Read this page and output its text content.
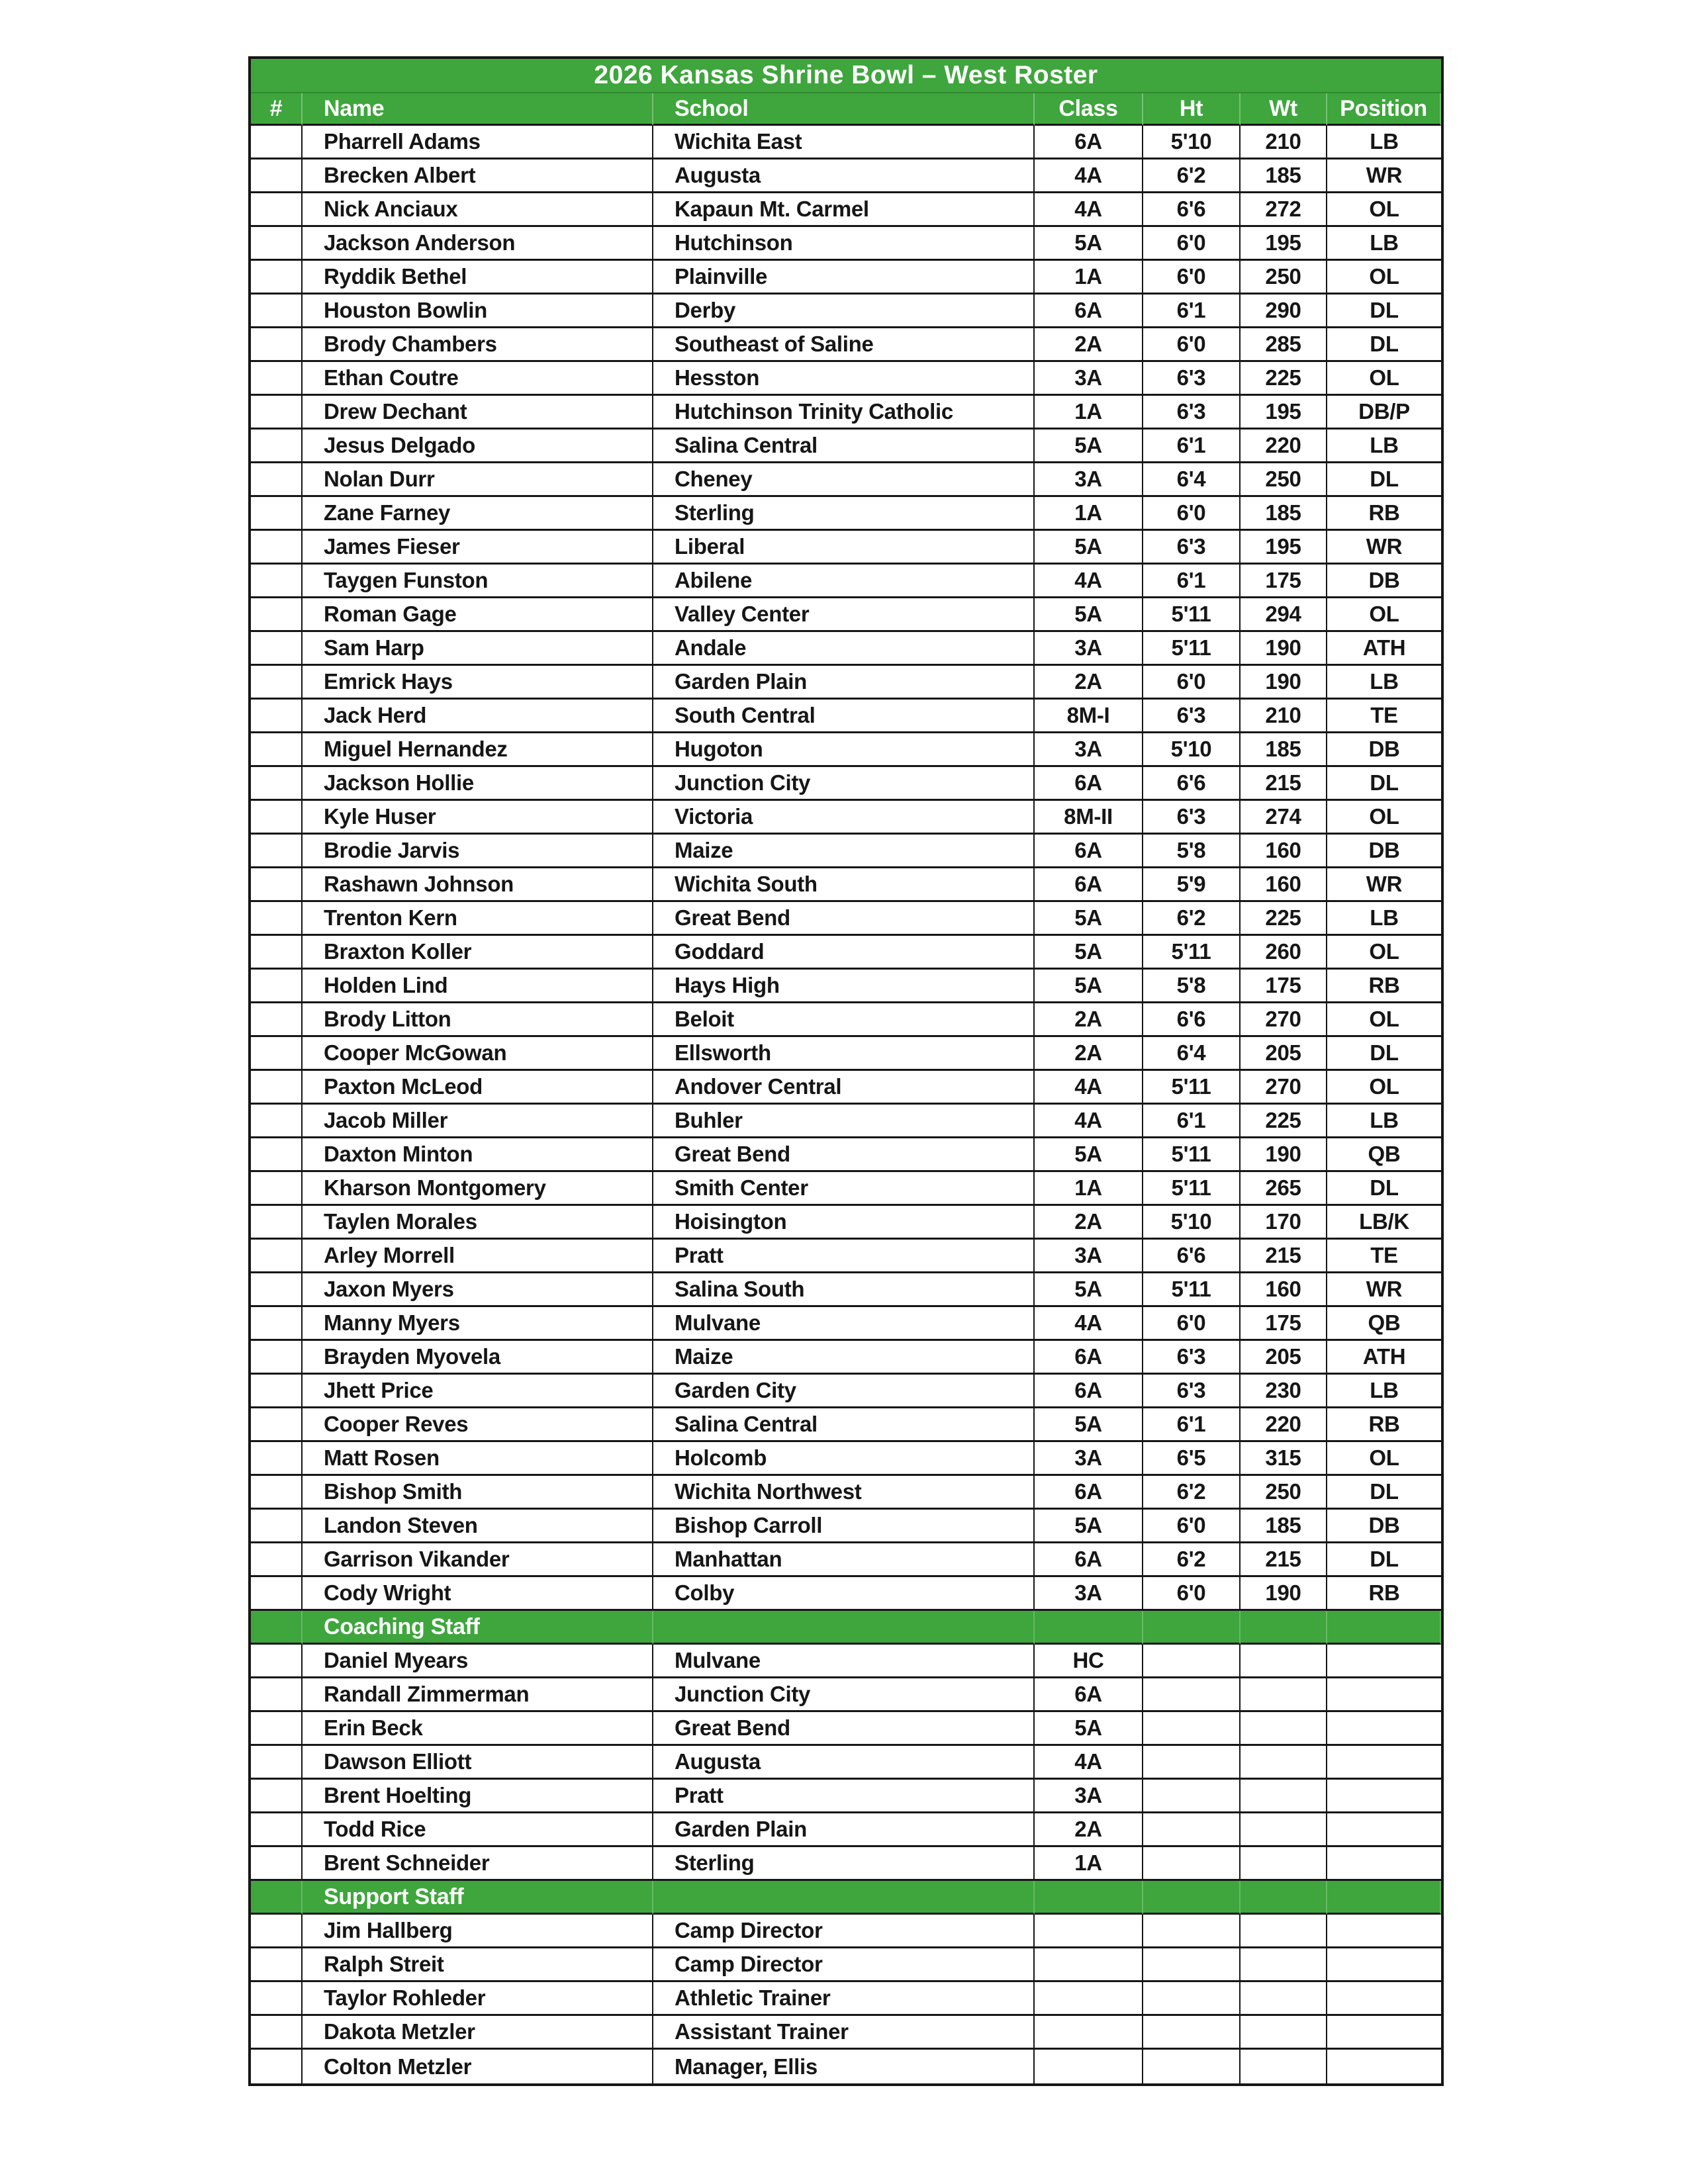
2026 Kansas Shrine Bowl – West Roster
#	Name	School	Class	Ht	Wt	Position
Pharrell Adams	Wichita East	6A	5'10	210	LB
Brecken Albert	Augusta	4A	6'2	185	WR
Nick Anciaux	Kapaun Mt. Carmel	4A	6'6	272	OL
Jackson Anderson	Hutchinson	5A	6'0	195	LB
Ryddik Bethel	Plainville	1A	6'0	250	OL
Houston Bowlin	Derby	6A	6'1	290	DL
Brody Chambers	Southeast of Saline	2A	6'0	285	DL
Ethan Coutre	Hesston	3A	6'3	225	OL
Drew Dechant	Hutchinson Trinity Catholic	1A	6'3	195	DB/P
Jesus Delgado	Salina Central	5A	6'1	220	LB
Nolan Durr	Cheney	3A	6'4	250	DL
Zane Farney	Sterling	1A	6'0	185	RB
James Fieser	Liberal	5A	6'3	195	WR
Taygen Funston	Abilene	4A	6'1	175	DB
Roman Gage	Valley Center	5A	5'11	294	OL
Sam Harp	Andale	3A	5'11	190	ATH
Emrick Hays	Garden Plain	2A	6'0	190	LB
Jack Herd	South Central	8M-I	6'3	210	TE
Miguel Hernandez	Hugoton	3A	5'10	185	DB
Jackson Hollie	Junction City	6A	6'6	215	DL
Kyle Huser	Victoria	8M-II	6'3	274	OL
Brodie Jarvis	Maize	6A	5'8	160	DB
Rashawn Johnson	Wichita South	6A	5'9	160	WR
Trenton Kern	Great Bend	5A	6'2	225	LB
Braxton Koller	Goddard	5A	5'11	260	OL
Holden Lind	Hays High	5A	5'8	175	RB
Brody Litton	Beloit	2A	6'6	270	OL
Cooper McGowan	Ellsworth	2A	6'4	205	DL
Paxton McLeod	Andover Central	4A	5'11	270	OL
Jacob Miller	Buhler	4A	6'1	225	LB
Daxton Minton	Great Bend	5A	5'11	190	QB
Kharson Montgomery	Smith Center	1A	5'11	265	DL
Taylen Morales	Hoisington	2A	5'10	170	LB/K
Arley Morrell	Pratt	3A	6'6	215	TE
Jaxon Myers	Salina South	5A	5'11	160	WR
Manny Myers	Mulvane	4A	6'0	175	QB
Brayden Myovela	Maize	6A	6'3	205	ATH
Jhett Price	Garden City	6A	6'3	230	LB
Cooper Reves	Salina Central	5A	6'1	220	RB
Matt Rosen	Holcomb	3A	6'5	315	OL
Bishop Smith	Wichita Northwest	6A	6'2	250	DL
Landon Steven	Bishop Carroll	5A	6'0	185	DB
Garrison Vikander	Manhattan	6A	6'2	215	DL
Cody Wright	Colby	3A	6'0	190	RB
Coaching Staff
Daniel Myears	Mulvane	HC
Randall Zimmerman	Junction City	6A
Erin Beck	Great Bend	5A
Dawson Elliott	Augusta	4A
Brent Hoelting	Pratt	3A
Todd Rice	Garden Plain	2A
Brent Schneider	Sterling	1A
Support Staff
Jim Hallberg	Camp Director
Ralph Streit	Camp Director
Taylor Rohleder	Athletic Trainer
Dakota Metzler	Assistant Trainer
Colton Metzler	Manager, Ellis
